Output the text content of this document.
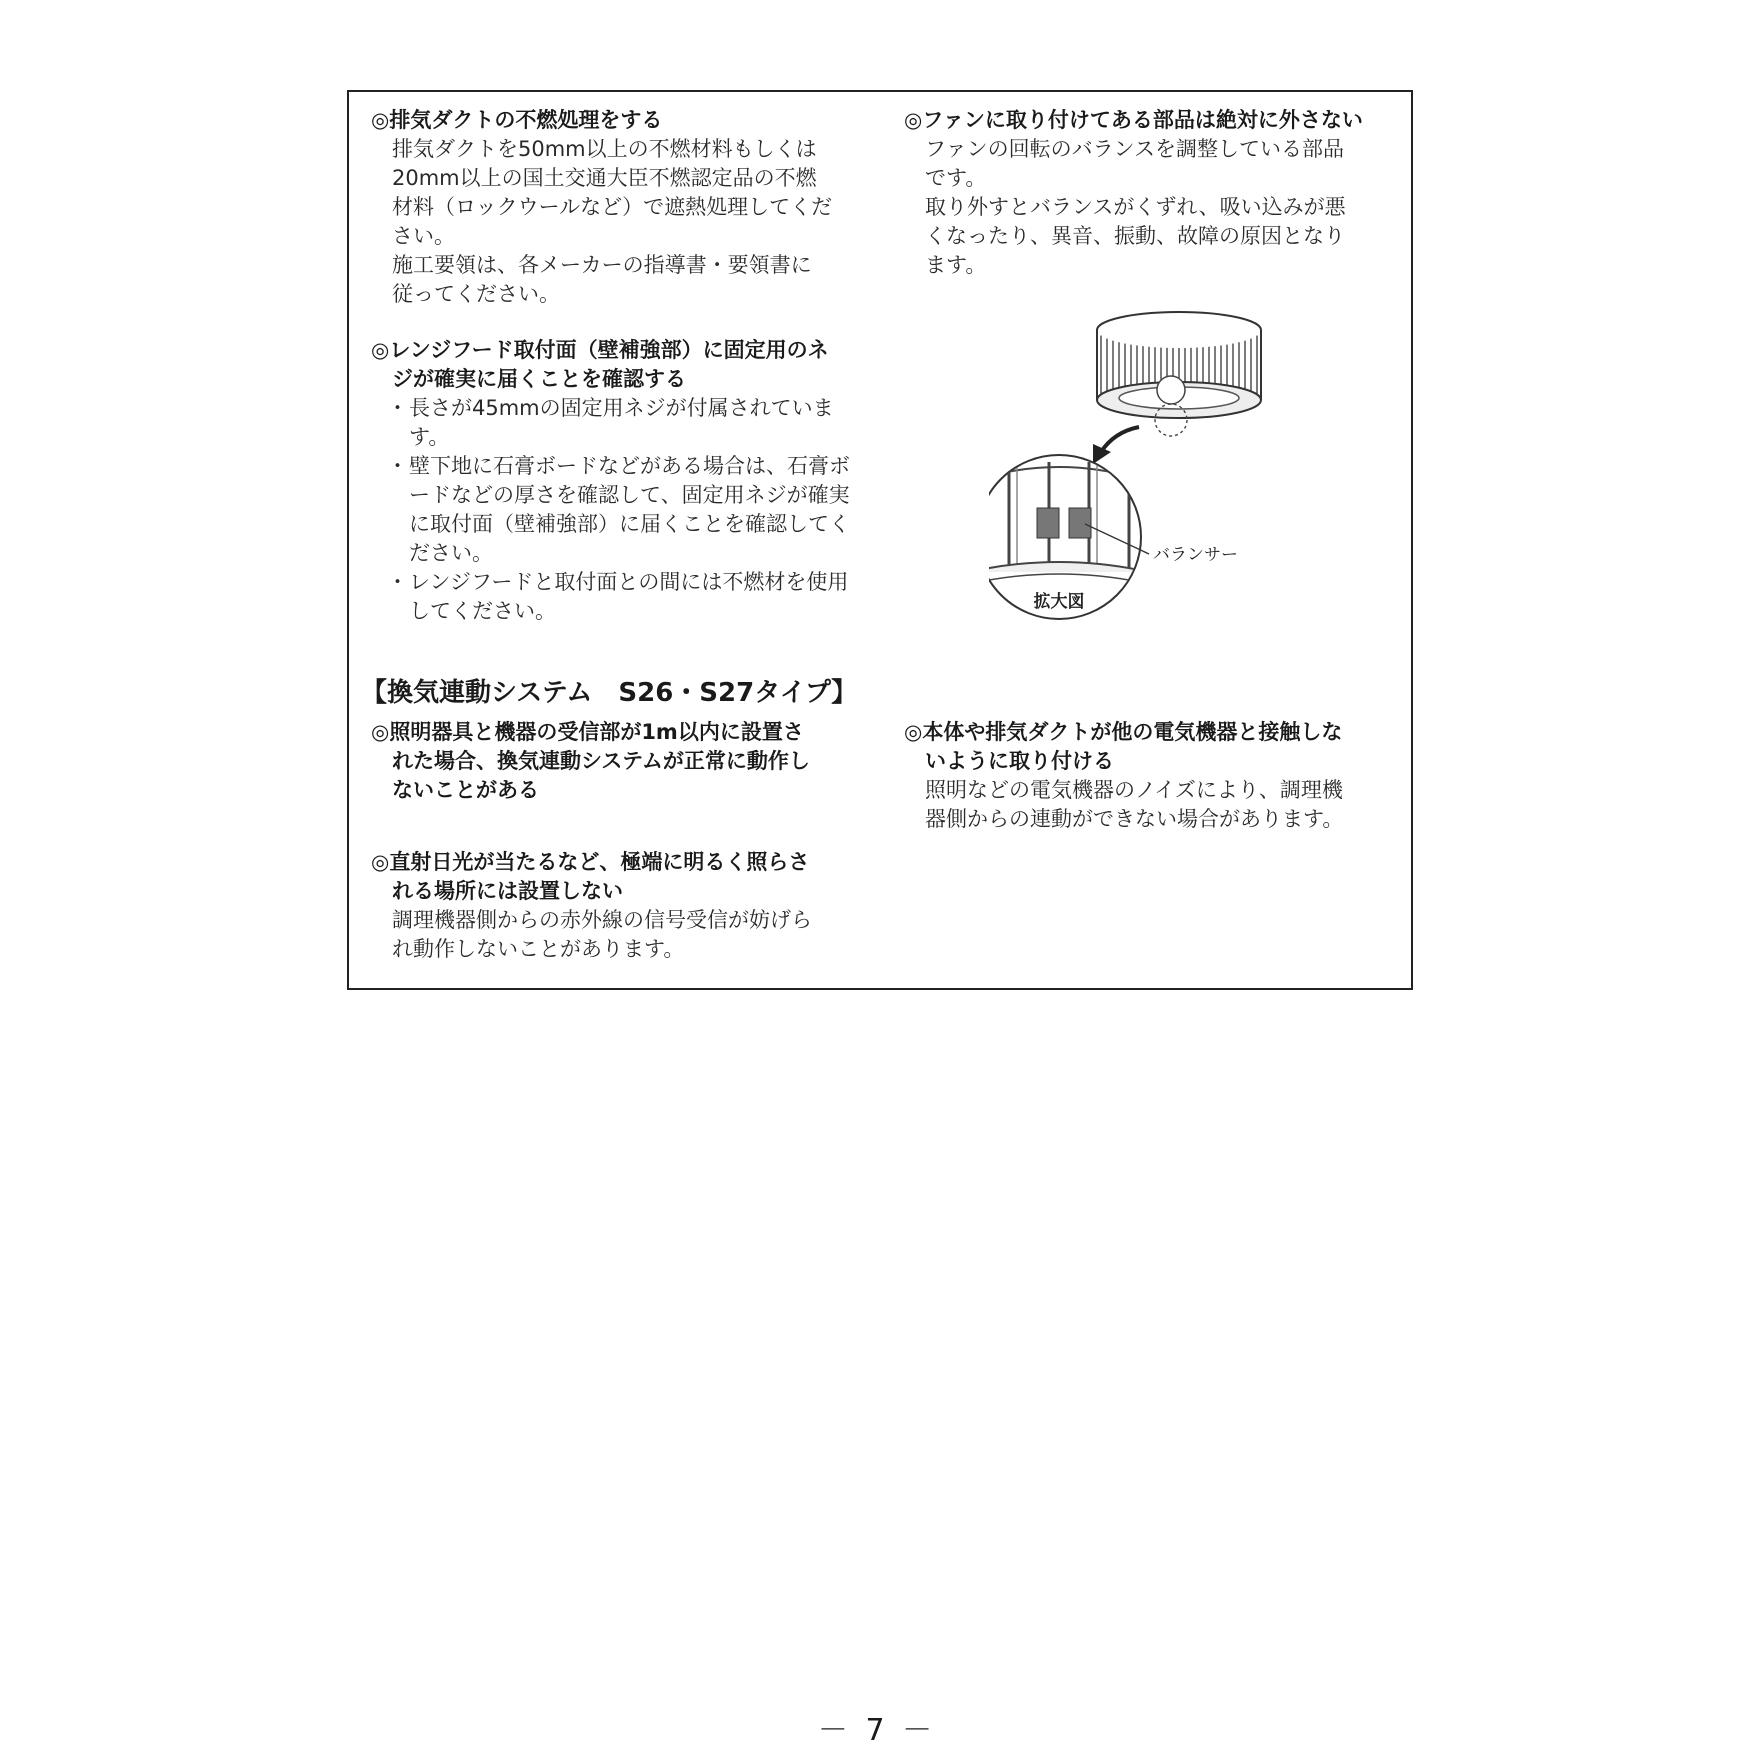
◎排気ダクトの不燃処理をする

排気ダクトを50mm以上の不燃材料もしくは
20mm以上の国土交通大臣不燃認定品の不燃
材料（ロックウールなど）で遮熱処理してくだ
さい。
施工要領は、各メーカーの指導書・要領書に
従ってください。

◎レンジフード取付面（壁補強部）に固定用のネ
ジが確実に届くことを確認する

・ 長さが45mmの固定用ネジが付属されています。
・ 壁下地に石膏ボードなどがある場合は、石膏ボードなどの厚さを確認して、固定用ネジが確実に取付面（壁補強部）に届くことを確認してください。
・ レンジフードと取付面との間には不燃材を使用してください。

【換気連動システム　S26・S27タイプ】

◎照明器具と機器の受信部が1m以内に設置さ
れた場合、換気連動システムが正常に動作し
ないことがある

◎直射日光が当たるなど、極端に明るく照らさ
れる場所には設置しない

調理機器側からの赤外線の信号受信が妨げら
れ動作しないことがあります。

◎ファンに取り付けてある部品は絶対に外さない

ファンの回転のバランスを調整している部品
です。
取り外すとバランスがくずれ、吸い込みが悪
くなったり、異音、振動、故障の原因となり
ます。

バランサー
拡大図

◎本体や排気ダクトが他の電気機器と接触しな
いように取り付ける

照明などの電気機器のノイズにより、調理機
器側からの連動ができない場合があります。

－ 7 －
